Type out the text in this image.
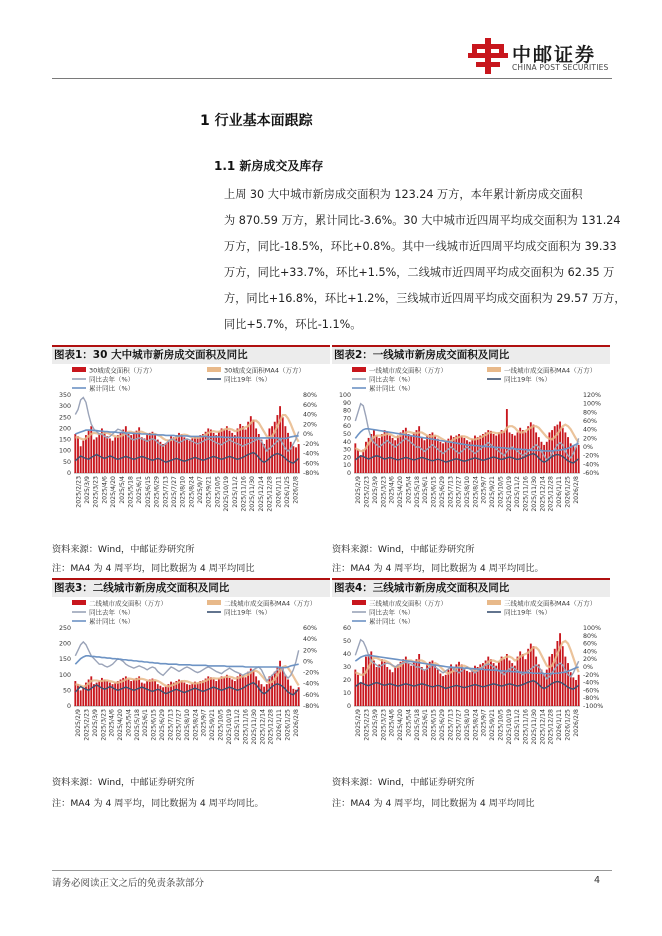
中邮证券
CHINA POST SECURITIES
1 行业基本面跟踪
1.1 新房成交及库存
上周 30 大中城市新房成交面积为 123.24 万方，本年累计新房成交面积
为 870.59 万方，累计同比-3.6%。30 大中城市近四周平均成交面积为 131.24
万方，同比-18.5%，环比+0.8%。其中一线城市近四周平均成交面积为 39.33
万方，同比+33.7%，环比+1.5%，二线城市近四周平均成交面积为 62.35 万
方，同比+16.8%，环比+1.2%，三线城市近四周平均成交面积为 29.57 万方，
同比+5.7%，环比-1.1%。
图表1：30 大中城市新房成交面积及同比
30城成交面积（万方）	30城成交面积MA4（万方）
同比去年（%）	同比19年（%）
累计同比（%）
350
300
250
200
150
100
50
0
80%
60%
40%
20%
0%
-20%
-40%
-60%
-80%
2025/2/23 2025/3/9 2025/3/23 2025/4/6 2025/4/20 2025/5/4 2025/5/18 2025/6/1 2025/6/15 2025/6/29 2025/7/13 2025/7/27 2025/8/10 2025/8/24 2025/9/7 2025/9/21 2025/10/5 2025/10/19 2025/11/2 2025/11/16 2025/11/30 2025/12/14 2025/12/28 2026/1/11 2026/1/25 2026/2/8
资料来源：Wind，中邮证券研究所
注：MA4 为 4 周平均，同比数据为 4 周平均同比
图表2：一线城市新房成交面积及同比
一线城市成交面积（万方）	一线城市成交面积MA4（万方）
同比去年（%）	同比19年（%）
累计同比（%）
100
90
80
70
60
50
40
30
20
10
0
120%
100%
80%
60%
40%
20%
0%
-20%
-40%
-60%
2025/2/9 2025/2/23 2025/3/9 2025/3/23 2025/4/6 2025/4/20 2025/5/4 2025/5/18 2025/6/1 2025/6/15 2025/6/29 2025/7/13 2025/7/27 2025/8/10 2025/8/24 2025/9/7 2025/9/21 2025/10/5 2025/10/19 2025/11/2 2025/11/16 2025/11/30 2025/12/14 2025/12/28 2026/1/11 2026/1/25 2026/2/8
资料来源：Wind，中邮证券研究所
注：MA4 为 4 周平均，同比数据为 4 周平均同比。
图表3：二线城市新房成交面积及同比
二线城市成交面积（万方）	二线城市成交面积MA4（万方）
同比去年（%）	同比19年（%）
累计同比（%）
250
200
150
100
50
0
60%
40%
20%
0%
-20%
-40%
-60%
-80%
2025/2/9 2025/2/23 2025/3/9 2025/3/23 2025/4/6 2025/4/20 2025/5/4 2025/5/18 2025/6/1 2025/6/15 2025/6/29 2025/7/13 2025/7/27 2025/8/10 2025/8/24 2025/9/7 2025/9/21 2025/10/5 2025/10/19 2025/11/2 2025/11/16 2025/11/30 2025/12/14 2025/12/28 2026/1/11 2026/1/25 2026/2/8
资料来源：Wind，中邮证券研究所
注：MA4 为 4 周平均，同比数据为 4 周平均同比。
图表4：三线城市新房成交面积及同比
三线城市成交面积（万方）	三线城市成交面积MA4（万方）
同比去年（%）	同比19年（%）
累计同比（%）
60
50
40
30
20
10
0
100%
80%
60%
40%
20%
0%
-20%
-40%
-60%
-80%
-100%
2025/2/9 2025/2/23 2025/3/9 2025/3/23 2025/4/6 2025/4/20 2025/5/4 2025/5/18 2025/6/1 2025/6/15 2025/6/29 2025/7/13 2025/7/27 2025/8/10 2025/8/24 2025/9/7 2025/9/21 2025/10/5 2025/10/19 2025/11/2 2025/11/16 2025/11/30 2025/12/14 2025/12/28 2026/1/11 2026/1/25 2026/2/8
资料来源：Wind，中邮证券研究所
注：MA4 为 4 周平均，同比数据为 4 周平均同比
请务必阅读正文之后的免责条款部分	4
